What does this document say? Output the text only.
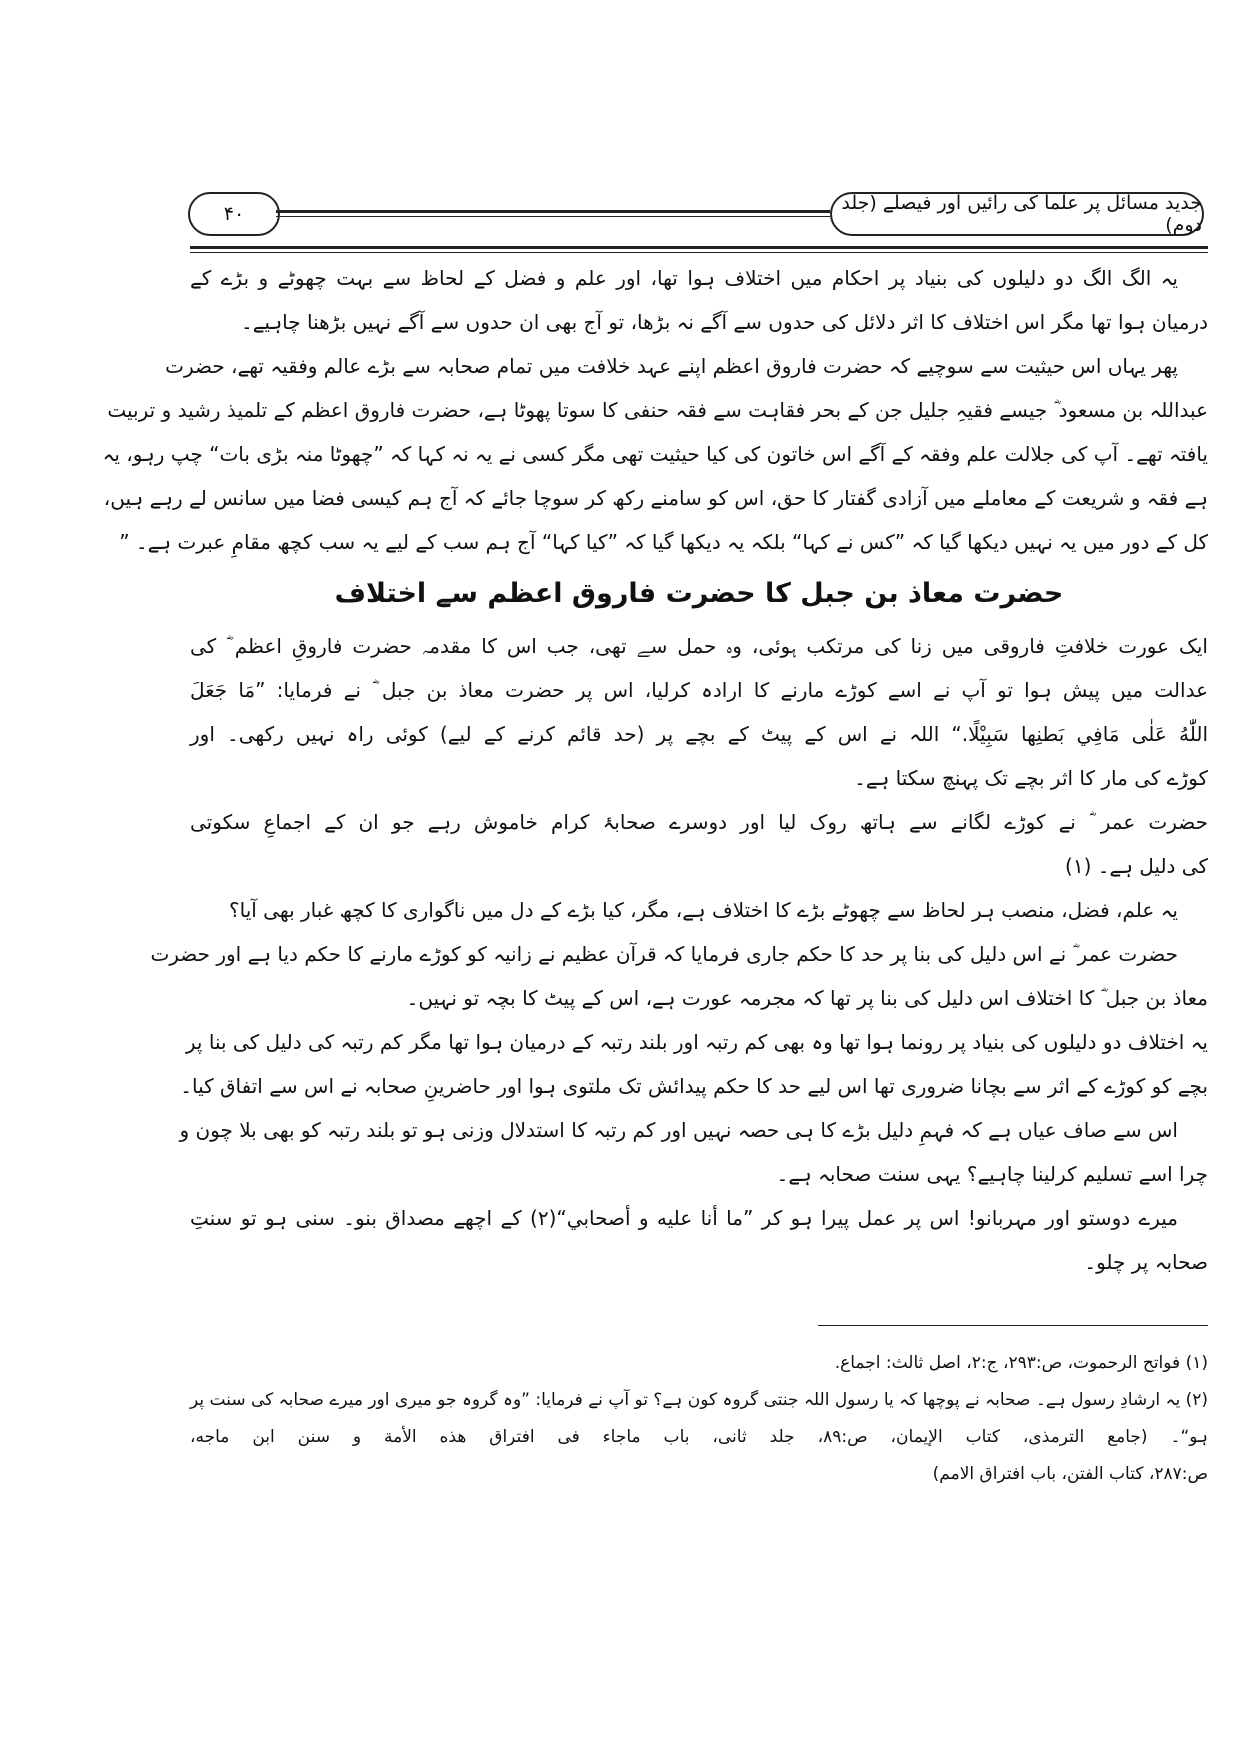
۴۰	جدید مسائل پر علما کی رائیں اور فیصلے (جلد دوم)
یہ الگ الگ دو دلیلوں کی بنیاد پر احکام میں اختلاف ہوا تھا، اور علم و فضل کے لحاظ سے بہت چھوٹے و بڑے کے
درمیان ہوا تھا مگر اس اختلاف کا اثر دلائل کی حدوں سے آگے نہ بڑھا، تو آج بھی ان حدوں سے آگے نہیں بڑھنا چاہیے۔
پھر یہاں اس حیثیت سے سوچیے کہ حضرت فاروق اعظم اپنے عہد خلافت میں تمام صحابہ سے بڑے عالم وفقیہ تھے، حضرت
عبداللہ بن مسعود ؓ جیسے فقیہِ جلیل جن کے بحر فقاہت سے فقہ حنفی کا سوتا پھوٹا ہے، حضرت فاروق اعظم کے تلمیذ رشید و تربیت
یافتہ تھے۔ آپ کی جلالت علم وفقہ کے آگے اس خاتون کی کیا حیثیت تھی مگر کسی نے یہ نہ کہا کہ ”چھوٹا منہ بڑی بات“ چپ رہو، یہ
ہے فقہ و شریعت کے معاملے میں آزادی گفتار کا حق، اس کو سامنے رکھ کر سوچا جائے کہ آج ہم کیسی فضا میں سانس لے رہے ہیں،
کل کے دور میں یہ نہیں دیکھا گیا کہ ”کس نے کہا“ بلکہ یہ دیکھا گیا کہ ”کیا کہا“ آج ہم سب کے لیے یہ سب کچھ مقامِ عبرت ہے۔ ”
حضرت معاذ بن جبل کا حضرت فاروق اعظم سے اختلاف
ایک عورت خلافتِ فاروقی میں زنا کی مرتکب ہوئی، وہ حمل سے تھی، جب اس کا مقدمہ حضرت فاروقِ اعظم ؓ کی
عدالت میں پیش ہوا تو آپ نے اسے کوڑے مارنے کا ارادہ کرلیا، اس پر حضرت معاذ بن جبل ؓ نے فرمایا: ”مَا جَعَلَ
اللّٰهُ عَلٰی مَافِي بَطنِها سَبِيْلًا.“ اللہ نے اس کے پیٹ کے بچے پر (حد قائم کرنے کے لیے) کوئی راہ نہیں رکھی۔ اور
کوڑے کی مار کا اثر بچے تک پہنچ سکتا ہے۔
حضرت عمر ؓ نے کوڑے لگانے سے ہاتھ روک لیا اور دوسرے صحابۂ کرام خاموش رہے جو ان کے اجماعِ سکوتی
کی دلیل ہے۔ (۱)
یہ علم، فضل، منصب ہر لحاظ سے چھوٹے بڑے کا اختلاف ہے، مگر، کیا بڑے کے دل میں ناگواری کا کچھ غبار بھی آیا؟
حضرت عمر ؓ نے اس دلیل کی بنا پر حد کا حکم جاری فرمایا کہ قرآن عظیم نے زانیہ کو کوڑے مارنے کا حکم دیا ہے اور حضرت
معاذ بن جبل ؓ کا اختلاف اس دلیل کی بنا پر تھا کہ مجرمہ عورت ہے، اس کے پیٹ کا بچہ تو نہیں۔
یہ اختلاف دو دلیلوں کی بنیاد پر رونما ہوا تھا وہ بھی کم رتبہ اور بلند رتبہ کے درمیان ہوا تھا مگر کم رتبہ کی دلیل کی بنا پر
بچے کو کوڑے کے اثر سے بچانا ضروری تھا اس لیے حد کا حکم پیدائش تک ملتوی ہوا اور حاضرینِ صحابہ نے اس سے اتفاق کیا۔
اس سے صاف عیاں ہے کہ فہمِ دلیل بڑے کا ہی حصہ نہیں اور کم رتبہ کا استدلال وزنی ہو تو بلند رتبہ کو بھی بلا چون و
چرا اسے تسلیم کرلینا چاہیے؟ یہی سنت صحابہ ہے۔
میرے دوستو اور مہربانو! اس پر عمل پیرا ہو کر ”ما أنا عليه و أصحابي“(۲) کے اچھے مصداق بنو۔ سنی ہو تو سنتِ
صحابہ پر چلو۔
(۱) فواتح الرحموت، ص:۲۹۳، ج:۲، اصل ثالث: اجماع.
(۲) یہ ارشادِ رسول ہے۔ صحابہ نے پوچھا کہ یا رسول اللہ جنتی گروہ کون ہے؟ تو آپ نے فرمایا: ”وہ گروہ جو میری اور میرے صحابہ کی سنت پر
ہو“۔ (جامع الترمذی، کتاب الإيمان، ص:۸۹، جلد ثانی، باب ماجاء فی افتراق هذه الأمة و سنن ابن ماجه،
ص:۲۸۷، کتاب الفتن، باب افتراق الامم)
